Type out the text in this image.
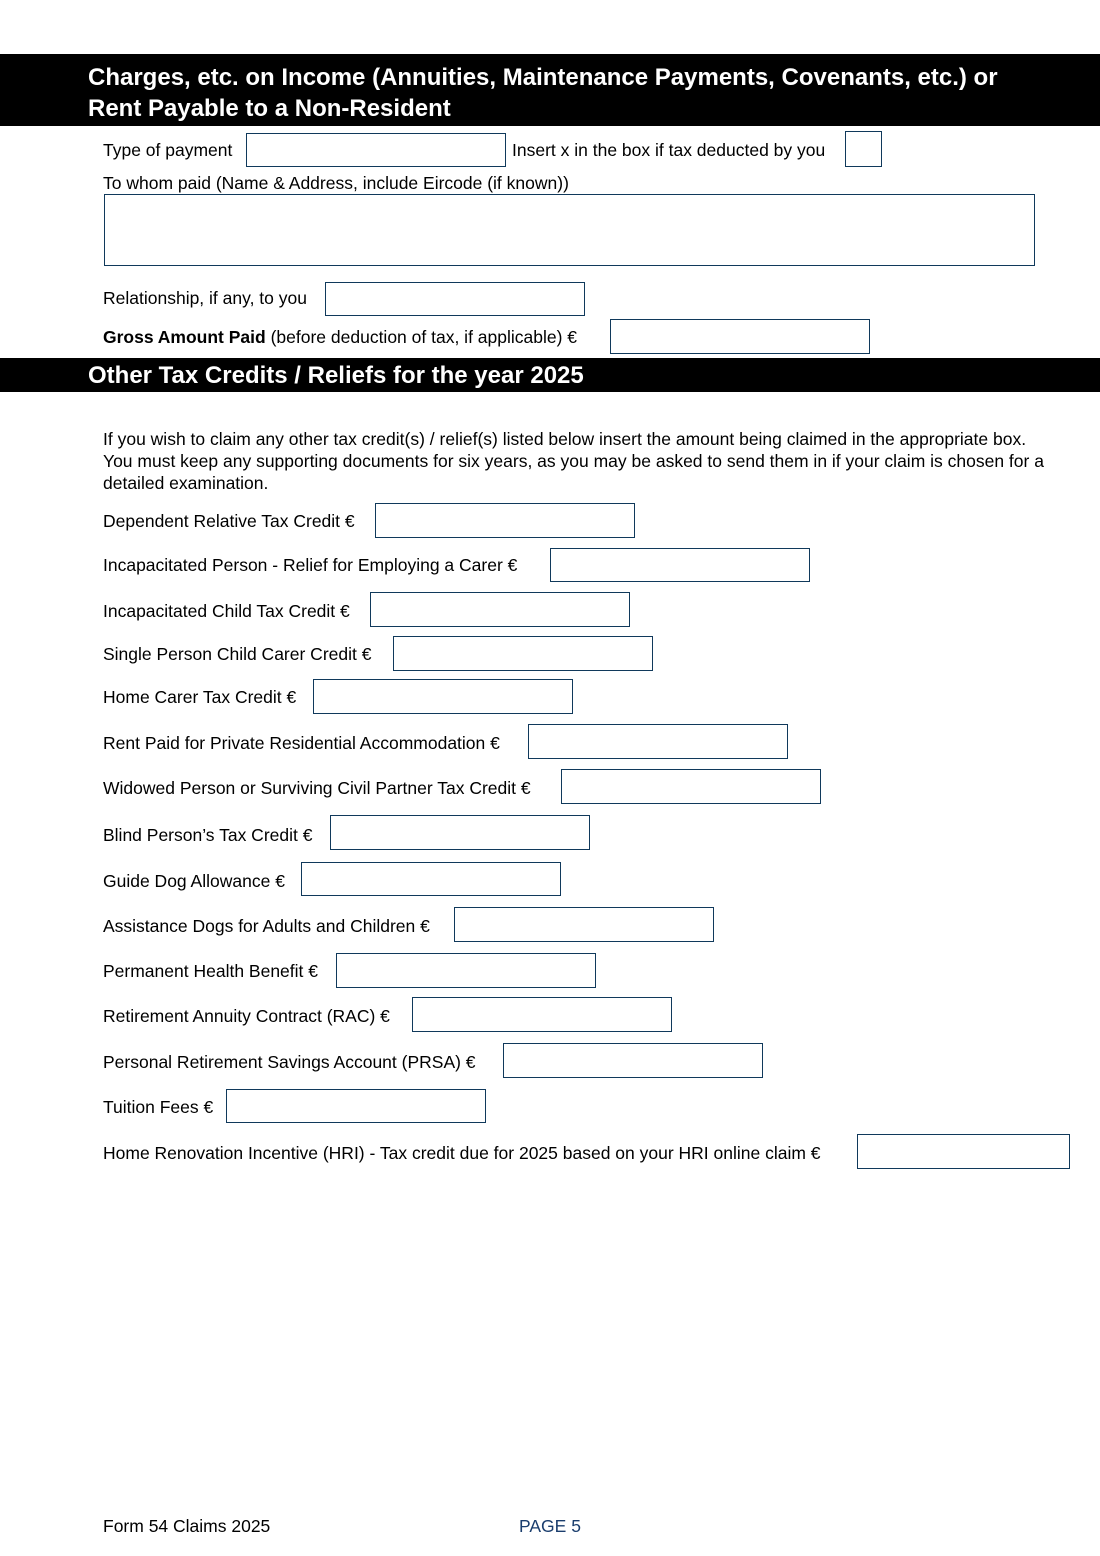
Charges, etc. on Income (Annuities, Maintenance Payments, Covenants, etc.) or
Rent Payable to a Non-Resident
Type of payment	Insert x in the box if tax deducted by you
To whom paid (Name & Address, include Eircode (if known))
Relationship, if any, to you
Gross Amount Paid (before deduction of tax, if applicable) €
Other Tax Credits / Reliefs for the year 2025
If you wish to claim any other tax credit(s) / relief(s) listed below insert the amount being claimed in the appropriate box. You must keep any supporting documents for six years, as you may be asked to send them in if your claim is chosen for a detailed examination.
Dependent Relative Tax Credit €
Incapacitated Person - Relief for Employing a Carer €
Incapacitated Child Tax Credit €
Single Person Child Carer Credit €
Home Carer Tax Credit €
Rent Paid for Private Residential Accommodation €
Widowed Person or Surviving Civil Partner Tax Credit €
Blind Person’s Tax Credit €
Guide Dog Allowance €
Assistance Dogs for Adults and Children €
Permanent Health Benefit €
Retirement Annuity Contract (RAC) €
Personal Retirement Savings Account (PRSA) €
Tuition Fees €
Home Renovation Incentive (HRI) - Tax credit due for 2025 based on your HRI online claim €
Form 54 Claims 2025	PAGE 5
